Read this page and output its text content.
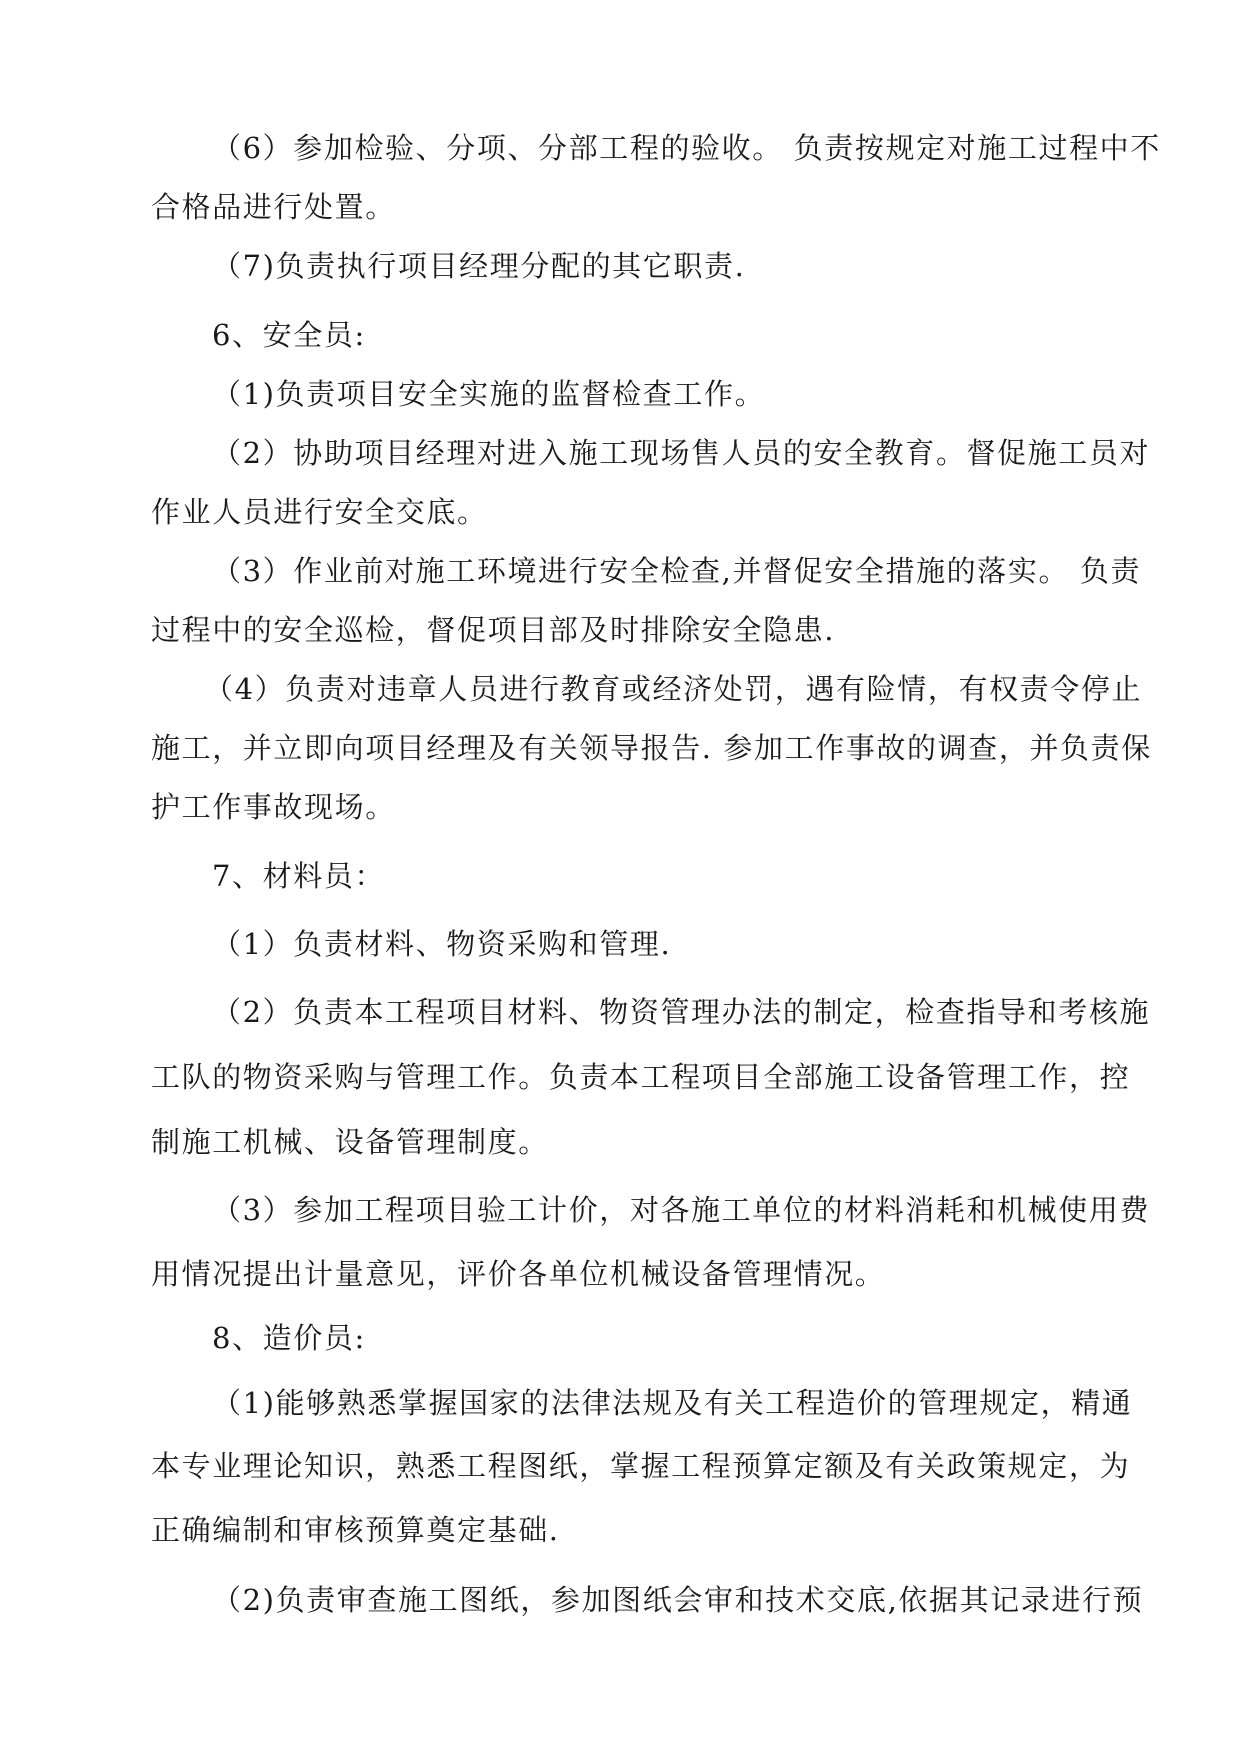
（6）参加检验、分项、分部工程的验收。 负责按规定对施工过程中不

合格品进行处置。

（7)负责执行项目经理分配的其它职责.

6、安全员:

（1)负责项目安全实施的监督检查工作。

（2）协助项目经理对进入施工现场售人员的安全教育。督促施工员对

作业人员进行安全交底。

（3）作业前对施工环境进行安全检查,并督促安全措施的落实。 负责

过程中的安全巡检，督促项目部及时排除安全隐患.

（4）负责对违章人员进行教育或经济处罚，遇有险情，有权责令停止

施工，并立即向项目经理及有关领导报告. 参加工作事故的调查，并负责保

护工作事故现场。

7、材料员：

（1）负责材料、物资采购和管理.

（2）负责本工程项目材料、物资管理办法的制定，检查指导和考核施

工队的物资采购与管理工作。负责本工程项目全部施工设备管理工作，控

制施工机械、设备管理制度。

（3）参加工程项目验工计价，对各施工单位的材料消耗和机械使用费

用情况提出计量意见，评价各单位机械设备管理情况。

8、造价员:

（1)能够熟悉掌握国家的法律法规及有关工程造价的管理规定，精通

本专业理论知识，熟悉工程图纸，掌握工程预算定额及有关政策规定，为

正确编制和审核预算奠定基础.

（2)负责审查施工图纸，参加图纸会审和技术交底,依据其记录进行预
